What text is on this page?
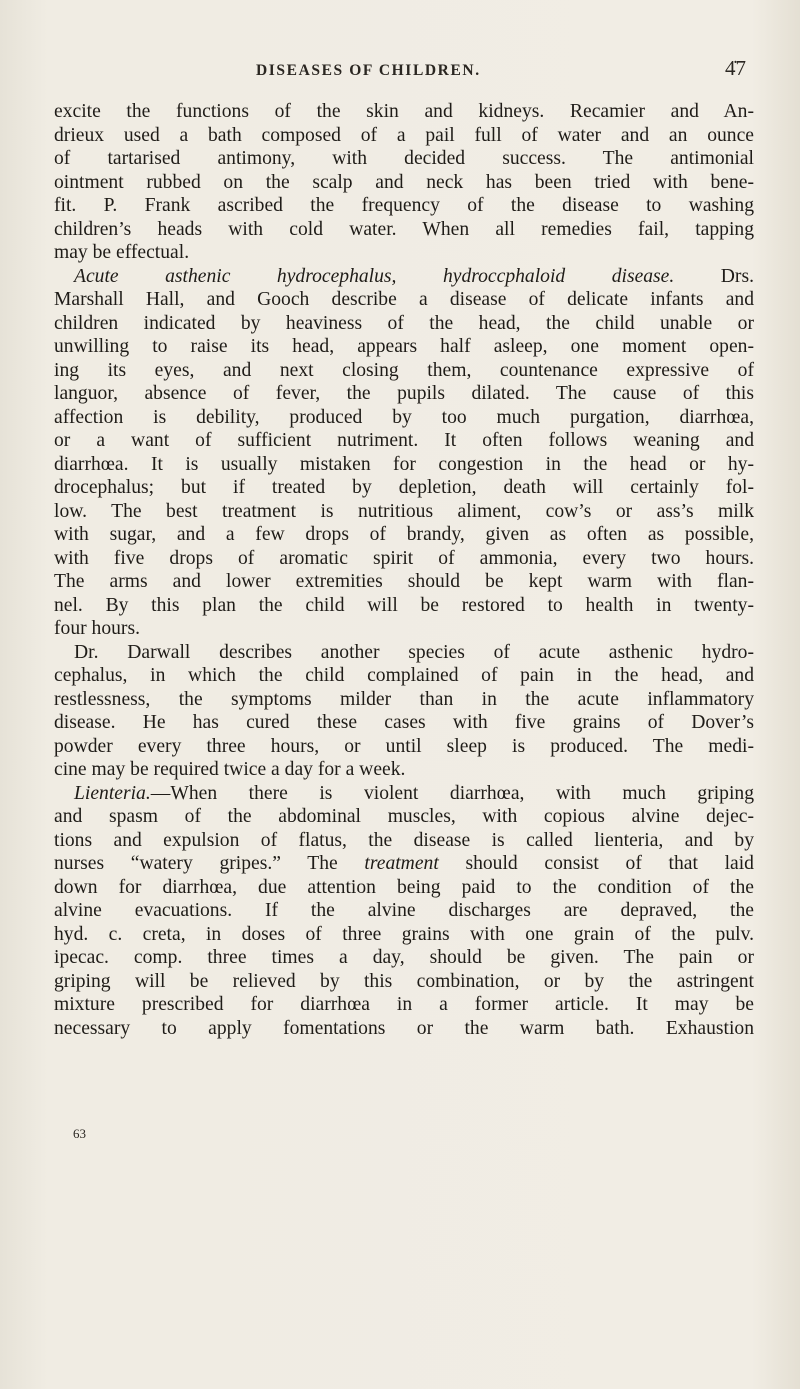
DISEASES OF CHILDREN.	4̇7
excite the functions of the skin and kidneys. Recamier and An-
drieux used a bath composed of a pail full of water and an ounce
of tartarised antimony, with decided success. The antimonial
ointment rubbed on the scalp and neck has been tried with bene-
fit. P. Frank ascribed the frequency of the disease to washing
children’s heads with cold water. When all remedies fail, tapping
may be effectual.
Acute asthenic hydrocephalus, hydroccphaloid disease. Drs.
Marshall Hall, and Gooch describe a disease of delicate infants and
children indicated by heaviness of the head, the child unable or
unwilling to raise its head, appears half asleep, one moment open-
ing its eyes, and next closing them, countenance expressive of
languor, absence of fever, the pupils dilated. The cause of this
affection is debility, produced by too much purgation, diarrhœa,
or a want of sufficient nutriment. It often follows weaning and
diarrhœa. It is usually mistaken for congestion in the head or hy-
drocephalus; but if treated by depletion, death will certainly fol-
low. The best treatment is nutritious aliment, cow’s or ass’s milk
with sugar, and a few drops of brandy, given as often as possible,
with five drops of aromatic spirit of ammonia, every two hours.
The arms and lower extremities should be kept warm with flan-
nel. By this plan the child will be restored to health in twenty-
four hours.
Dr. Darwall describes another species of acute asthenic hydro-
cephalus, in which the child complained of pain in the head, and
restlessness, the symptoms milder than in the acute inflammatory
disease. He has cured these cases with five grains of Dover’s
powder every three hours, or until sleep is produced. The medi-
cine may be required twice a day for a week.
Lienteria.—When there is violent diarrhœa, with much griping
and spasm of the abdominal muscles, with copious alvine dejec-
tions and expulsion of flatus, the disease is called lienteria, and by
nurses “watery gripes.” The treatment should consist of that laid
down for diarrhœa, due attention being paid to the condition of the
alvine evacuations. If the alvine discharges are depraved, the
hyd. c. creta, in doses of three grains with one grain of the pulv.
ipecac. comp. three times a day, should be given. The pain or
griping will be relieved by this combination, or by the astringent
mixture prescribed for diarrhœa in a former article. It may be
necessary to apply fomentations or the warm bath. Exhaustion
63
